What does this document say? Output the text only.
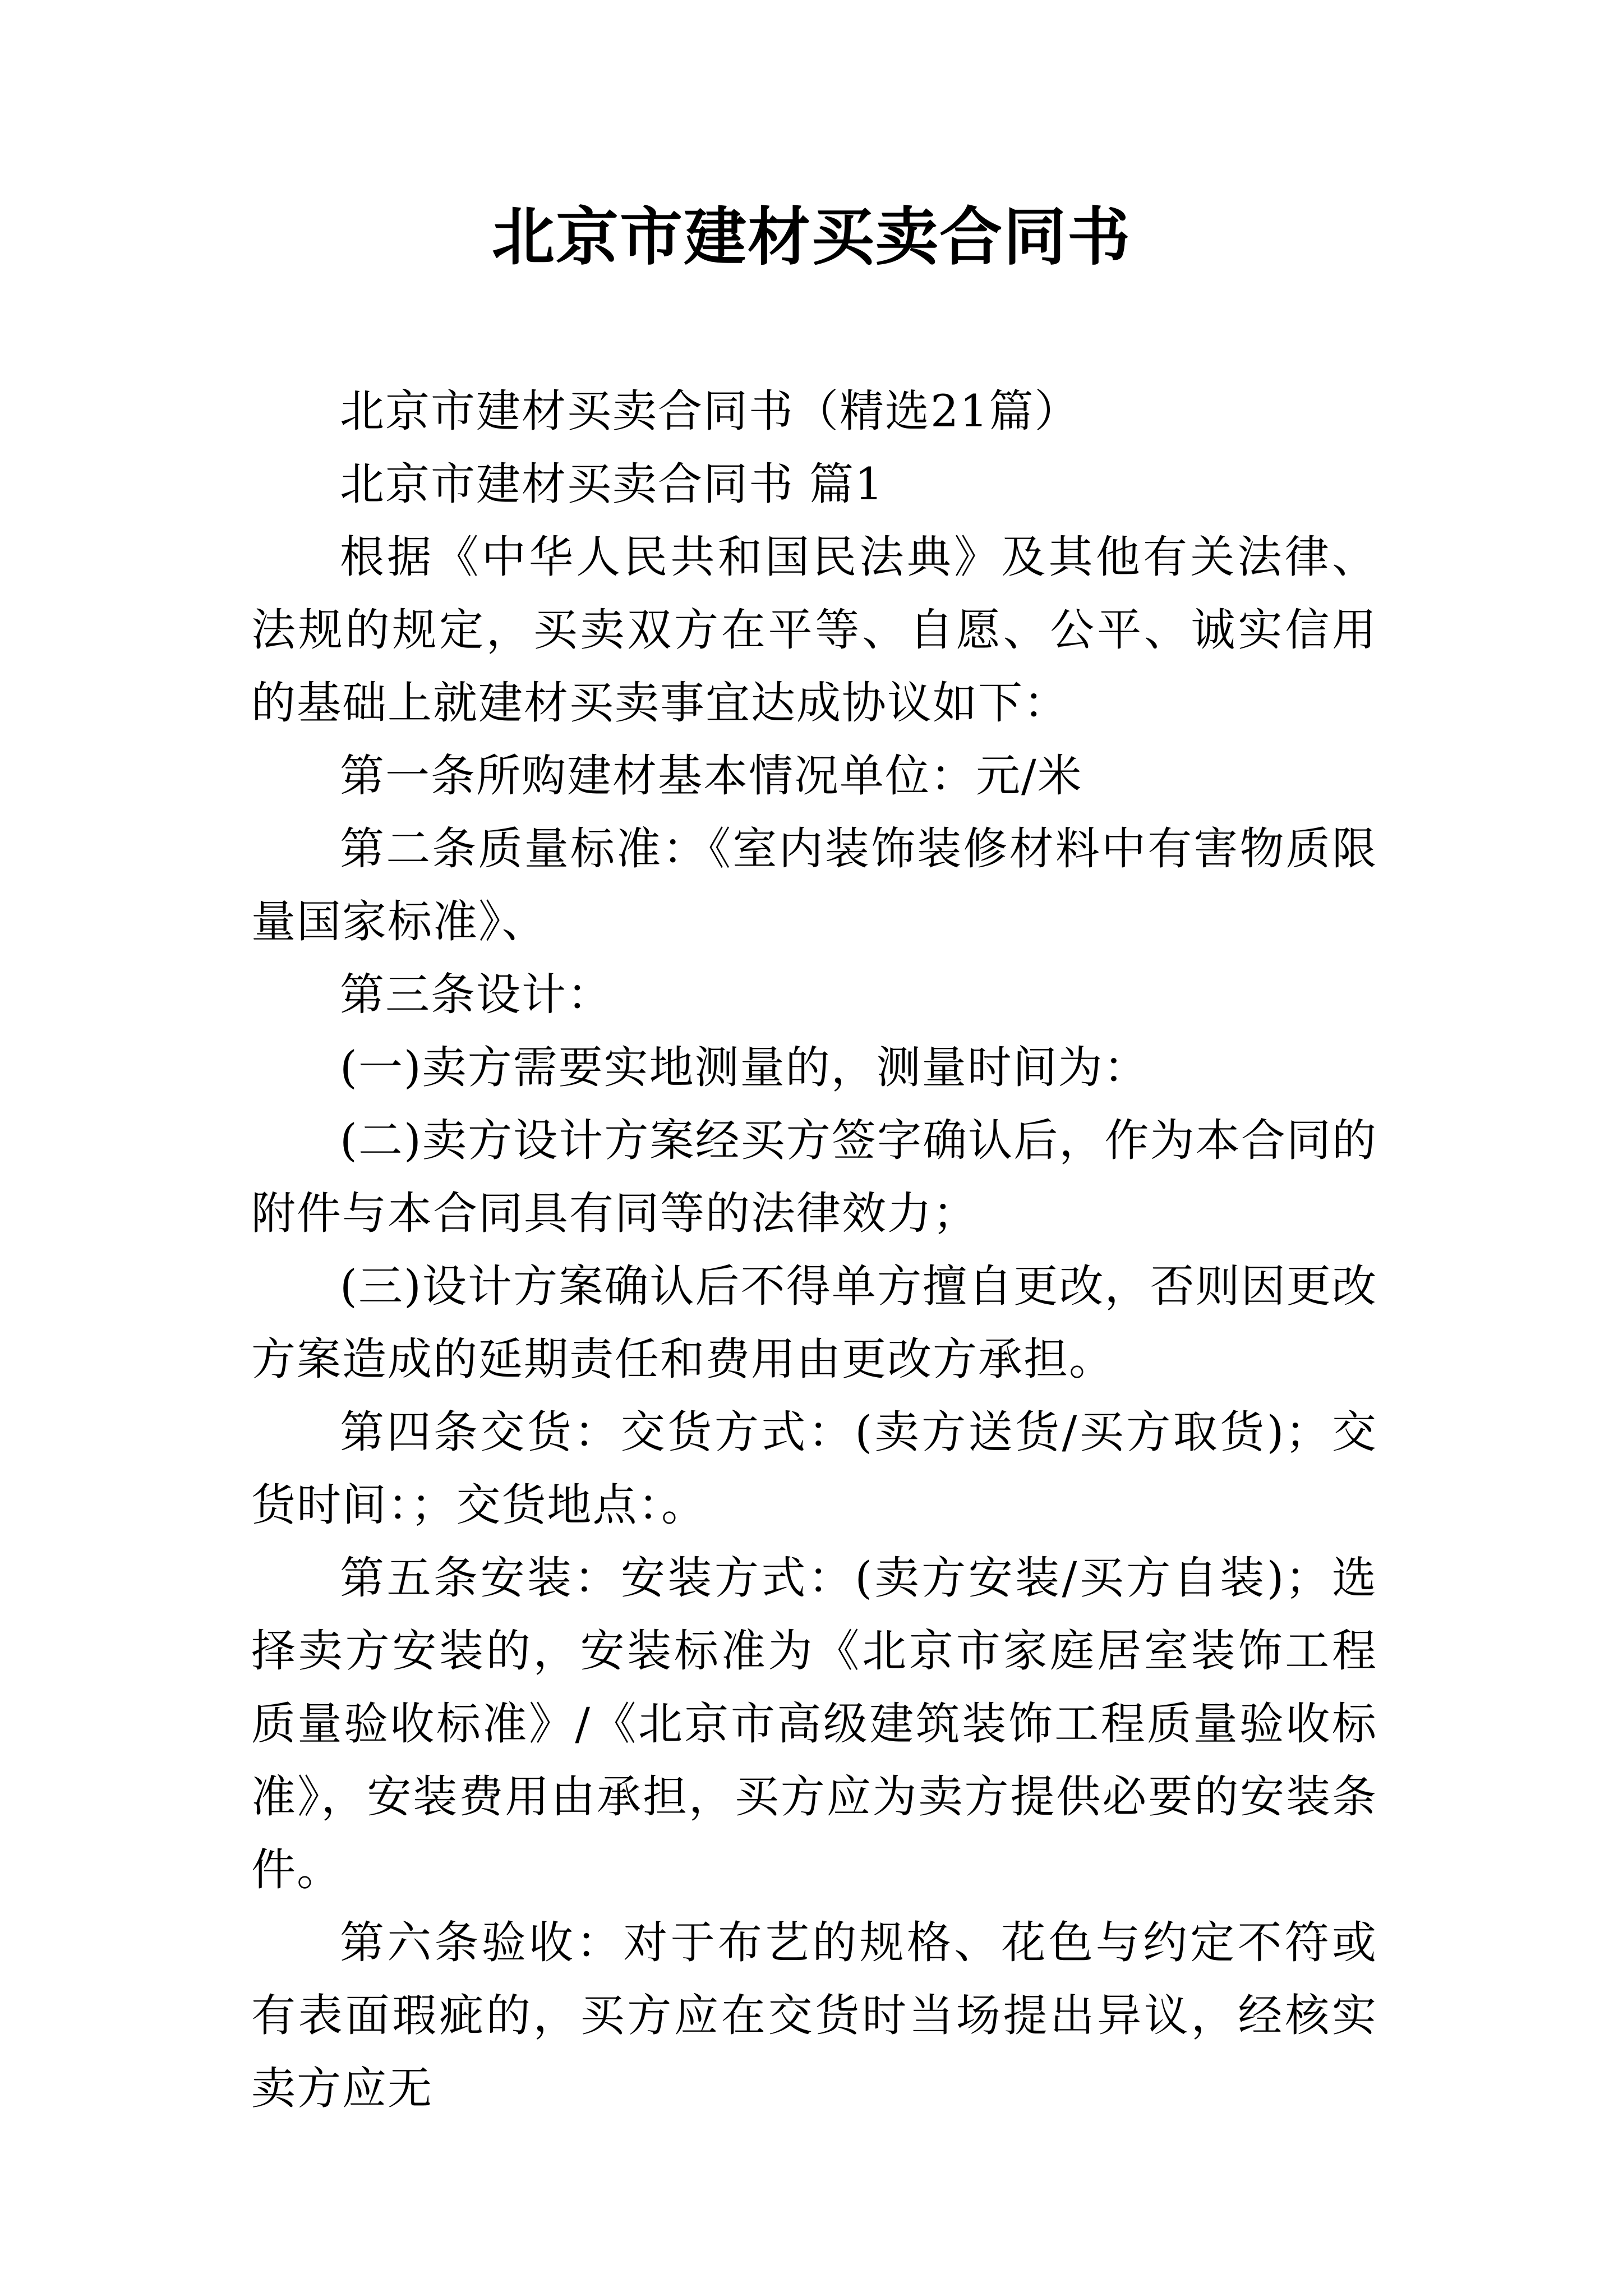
北京市建材买卖合同书

北京市建材买卖合同书（精选21篇）

北京市建材买卖合同书 篇1

根据《中华人民共和国民法典》及其他有关法律、法规的规定，买卖双方在平等、自愿、公平、诚实信用的基础上就建材买卖事宜达成协议如下：

第一条所购建材基本情况单位：元/米

第二条质量标准：《室内装饰装修材料中有害物质限量国家标准》、

第三条设计：

(一)卖方需要实地测量的，测量时间为：

(二)卖方设计方案经买方签字确认后，作为本合同的附件与本合同具有同等的法律效力；

(三)设计方案确认后不得单方擅自更改，否则因更改方案造成的延期责任和费用由更改方承担。

第四条交货：交货方式：(卖方送货/买方取货)；交货时间：；交货地点：。

第五条安装：安装方式：(卖方安装/买方自装)；选择卖方安装的，安装标准为《北京市家庭居室装饰工程质量验收标准》/《北京市高级建筑装饰工程质量验收标准》，安装费用由承担，买方应为卖方提供必要的安装条件。

第六条验收：对于布艺的规格、花色与约定不符或有表面瑕疵的，买方应在交货时当场提出异议，经核实卖方应无
